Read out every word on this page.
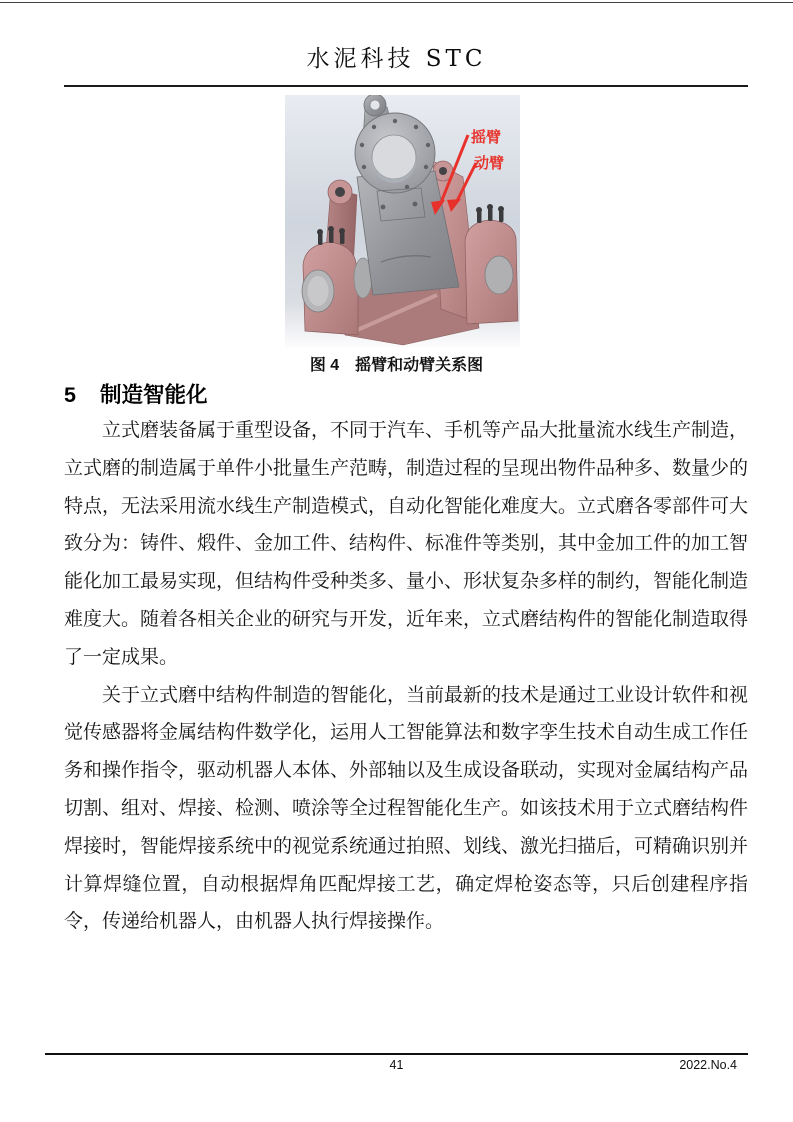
水泥科技 STC
摇臂
动臂
图 4　摇臂和动臂关系图
5 制造智能化

立式磨装备属于重型设备，不同于汽车、手机等产品大批量流水线生产制造，立式磨的制造属于单件小批量生产范畴，制造过程的呈现出物件品种多、数量少的特点，无法采用流水线生产制造模式，自动化智能化难度大。立式磨各零部件可大致分为：铸件、煅件、金加工件、结构件、标准件等类别，其中金加工件的加工智能化加工最易实现，但结构件受种类多、量小、形状复杂多样的制约，智能化制造难度大。随着各相关企业的研究与开发，近年来，立式磨结构件的智能化制造取得了一定成果。

关于立式磨中结构件制造的智能化，当前最新的技术是通过工业设计软件和视觉传感器将金属结构件数学化，运用人工智能算法和数字孪生技术自动生成工作任务和操作指令，驱动机器人本体、外部轴以及生成设备联动，实现对金属结构产品切割、组对、焊接、检测、喷涂等全过程智能化生产。如该技术用于立式磨结构件焊接时，智能焊接系统中的视觉系统通过拍照、划线、激光扫描后，可精确识别并计算焊缝位置，自动根据焊角匹配焊接工艺，确定焊枪姿态等，只后创建程序指令，传递给机器人，由机器人执行焊接操作。

41	2022.No.4
